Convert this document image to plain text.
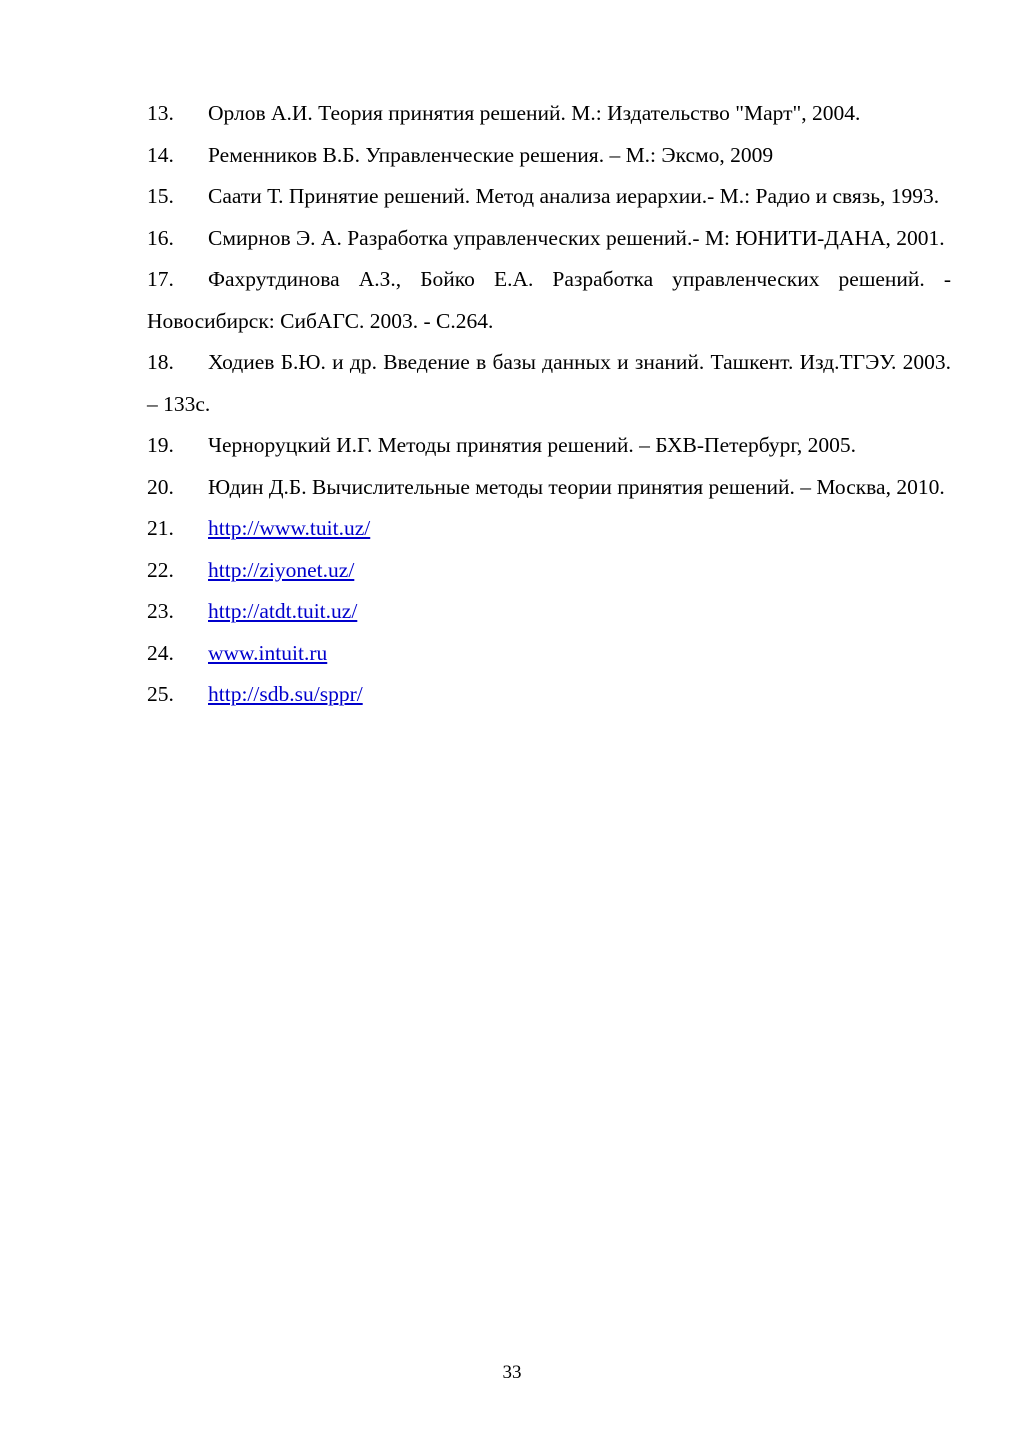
13. Орлов А.И. Теория принятия решений. М.: Издательство "Март", 2004.

14. Ременников В.Б. Управленческие решения. – М.: Эксмо, 2009

15. Саати Т. Принятие решений. Метод анализа иерархии.- М.: Радио и связь, 1993.

16. Смирнов Э. А. Разработка управленческих решений.- М: ЮНИТИ-ДАНА, 2001.

17. Фахрутдинова А.З., Бойко Е.А. Разработка управленческих решений. - Новосибирск: СибАГС. 2003. - С.264.

18. Ходиев Б.Ю. и др. Введение в базы данных и знаний. Ташкент. Изд.ТГЭУ. 2003. – 133с.

19. Черноруцкий И.Г. Методы принятия решений. – БХВ-Петербург, 2005.

20. Юдин Д.Б. Вычислительные методы теории принятия решений. – Москва, 2010.

21. http://www.tuit.uz/

22. http://ziyonet.uz/

23. http://atdt.tuit.uz/

24. www.intuit.ru

25. http://sdb.su/sppr/

33
